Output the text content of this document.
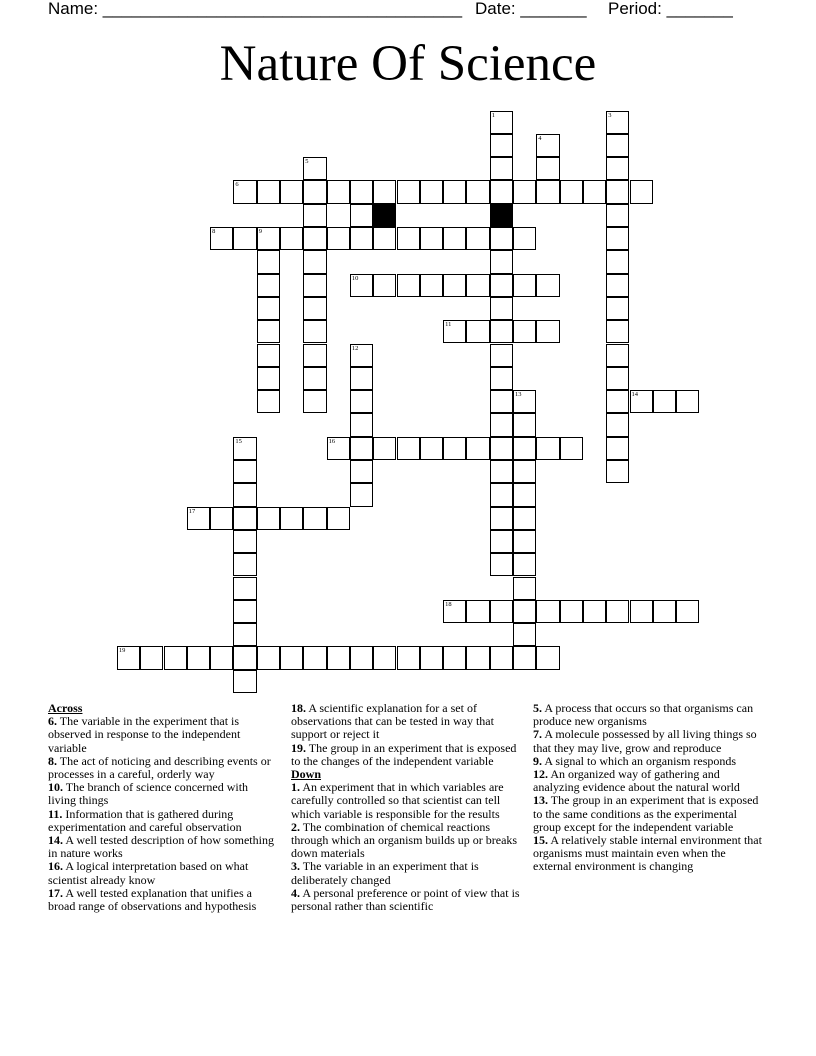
Name: ______________________________________ Date: _______ Period: _______
Nature Of Science
1	3
4
5
6
8	9
10
11
12
13	14
15	16
17
18
19
Across
6. The variable in the experiment that is observed in response to the independent variable
8. The act of noticing and describing events or processes in a careful, orderly way
10. The branch of science concerned with living things
11. Information that is gathered during experimentation and careful observation
14. A well tested description of how something in nature works
16. A logical interpretation based on what scientist already know
17. A well tested explanation that unifies a broad range of observations and hypothesis
18. A scientific explanation for a set of observations that can be tested in way that support or reject it
19. The group in an experiment that is exposed to the changes of the independent variable
Down
1. An experiment that in which variables are carefully controlled so that scientist can tell which variable is responsible for the results
2. The combination of chemical reactions through which an organism builds up or breaks down materials
3. The variable in an experiment that is deliberately changed
4. A personal preference or point of view that is personal rather than scientific
5. A process that occurs so that organisms can produce new organisms
7. A molecule possessed by all living things so that they may live, grow and reproduce
9. A signal to which an organism responds
12. An organized way of gathering and analyzing evidence about the natural world
13. The group in an experiment that is exposed to the same conditions as the experimental group except for the independent variable
15. A relatively stable internal environment that organisms must maintain even when the external environment is changing
